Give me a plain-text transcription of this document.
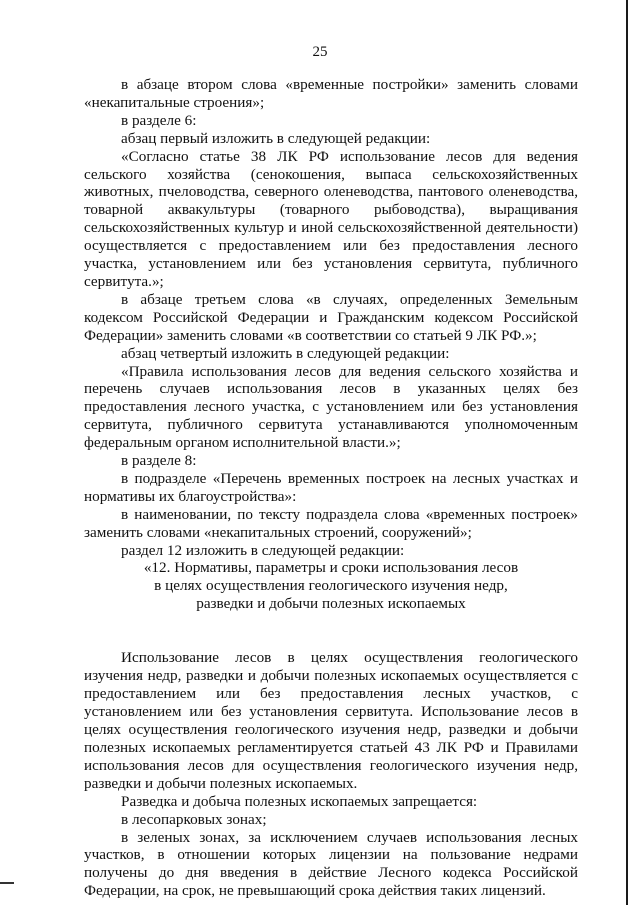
25

в абзаце втором слова «временные постройки» заменить словами «некапитальные строения»;

в разделе 6:

абзац первый изложить в следующей редакции:

«Согласно статье 38 ЛК РФ использование лесов для ведения сельского хозяйства (сенокошения, выпаса сельскохозяйственных животных, пчеловодства, северного оленеводства, пантового оленеводства, товарной аквакультуры (товарного рыбоводства), выращивания сельскохозяйственных культур и иной сельскохозяйственной деятельности) осуществляется с предоставлением или без предоставления лесного участка, установлением или без установления сервитута, публичного сервитута.»;

в абзаце третьем слова «в случаях, определенных Земельным кодексом Российской Федерации и Гражданским кодексом Российской Федерации» заменить словами «в соответствии со статьей 9 ЛК РФ.»;

абзац четвертый изложить в следующей редакции:

«Правила использования лесов для ведения сельского хозяйства и перечень случаев использования лесов в указанных целях без предоставления лесного участка, с установлением или без установления сервитута, публичного сервитута устанавливаются уполномоченным федеральным органом исполнительной власти.»;

в разделе 8:

в подразделе «Перечень временных построек на лесных участках и нормативы их благоустройства»:

в наименовании, по тексту подраздела слова «временных построек» заменить словами «некапитальных строений, сооружений»;

раздел 12 изложить в следующей редакции:

«12. Нормативы, параметры и сроки использования лесов
в целях осуществления геологического изучения недр,
разведки и добычи полезных ископаемых

Использование лесов в целях осуществления геологического изучения недр, разведки и добычи полезных ископаемых осуществляется с предоставлением или без предоставления лесных участков, с установлением или без установления сервитута. Использование лесов в целях осуществления геологического изучения недр, разведки и добычи полезных ископаемых регламентируется статьей 43 ЛК РФ и Правилами использования лесов для осуществления геологического изучения недр, разведки и добычи полезных ископаемых.

Разведка и добыча полезных ископаемых запрещается:

в лесопарковых зонах;

в зеленых зонах, за исключением случаев использования лесных участков, в отношении которых лицензии на пользование недрами получены до дня введения в действие Лесного кодекса Российской Федерации, на срок, не превышающий срока действия таких лицензий.
